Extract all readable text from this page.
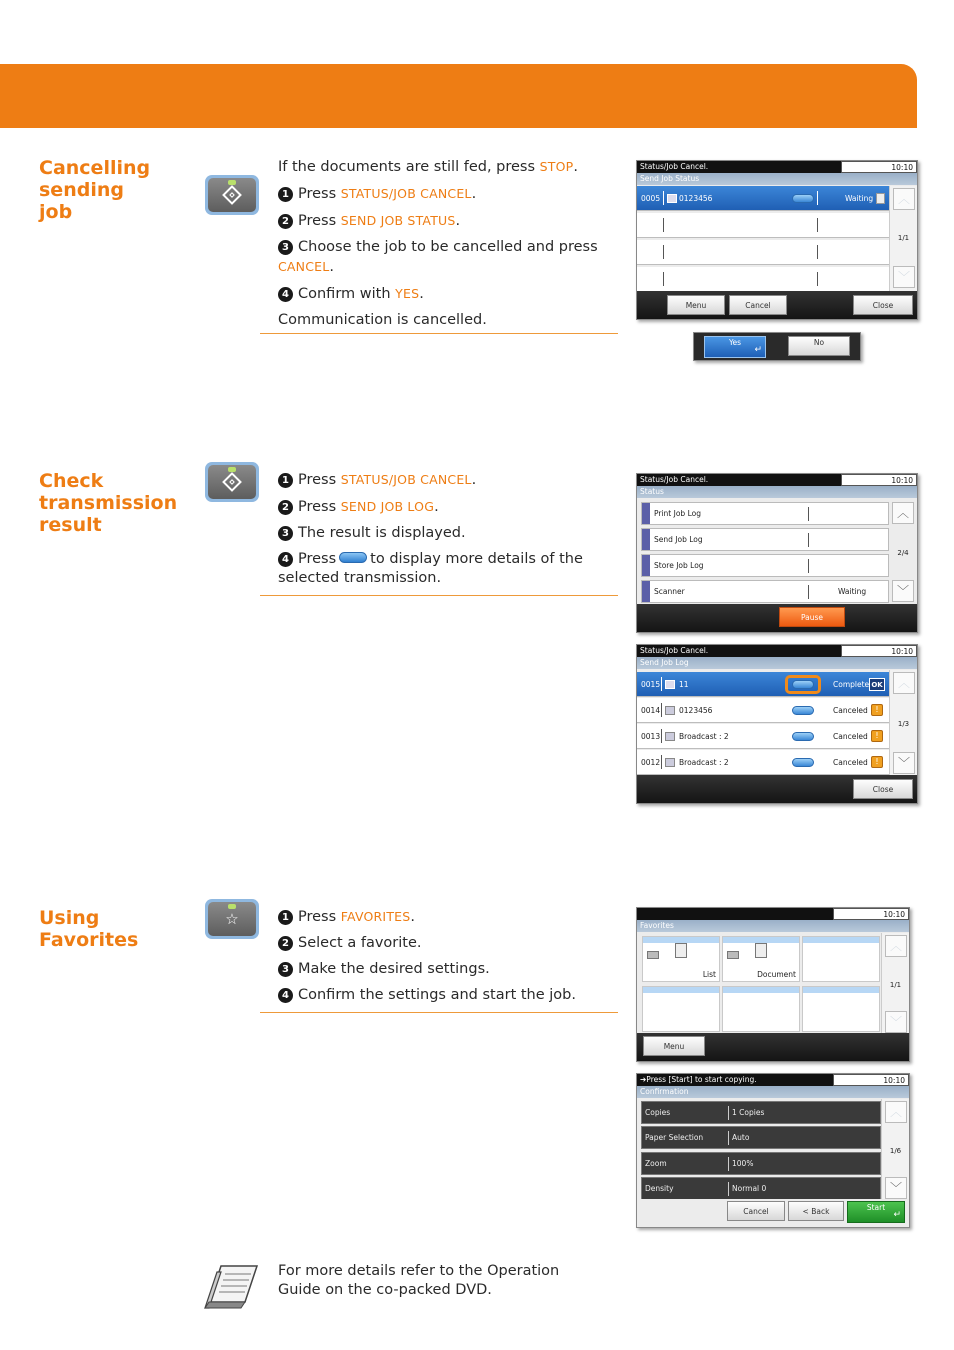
Cancelling
sending
job

If the documents are still fed, press STOP.

1 Press STATUS/JOB CANCEL.

2 Press SEND JOB STATUS.

3 Choose the job to be cancelled and press CANCEL.

4 Confirm with YES.

Communication is cancelled.

Status/Job Cancel.	10:10
Send Job Status
0005	0123456	Waiting	︿
1/1
﹀
Menu	Cancel	Close
Yes
↵
No
Check
transmission
result

1 Press STATUS/JOB CANCEL.

2 Press SEND JOB LOG.

3 The result is displayed.

4 Press to display more details of the selected transmission.

Status/Job Cancel.	10:10
Status
Print Job Log
Send Job Log
Store Job Log
Scanner	Waiting
︿
2/4
﹀
Pause
Status/Job Cancel.	10:10
Send Job Log
0015	11	Complete OK
0014	0123456	Canceled !
0013	Broadcast : 2	Canceled !
0012	Broadcast : 2	Canceled !
︿
1/3
﹀
Close
Using
Favorites
☆	1 Press FAVORITES.

2 Select a favorite.

3 Make the desired settings.

4 Confirm the settings and start the job.

10:10
Favorites
List	Document
︿
1/1
﹀
Menu
➔Press [Start] to start copying.	10:10
Confirmation
Copies	1 Copies
Paper Selection	Auto
Zoom	100%
Density	Normal 0
︿
1/6
﹀
Cancel	< Back	Start
↵
For more details refer to the Operation Guide on the co-packed DVD.
